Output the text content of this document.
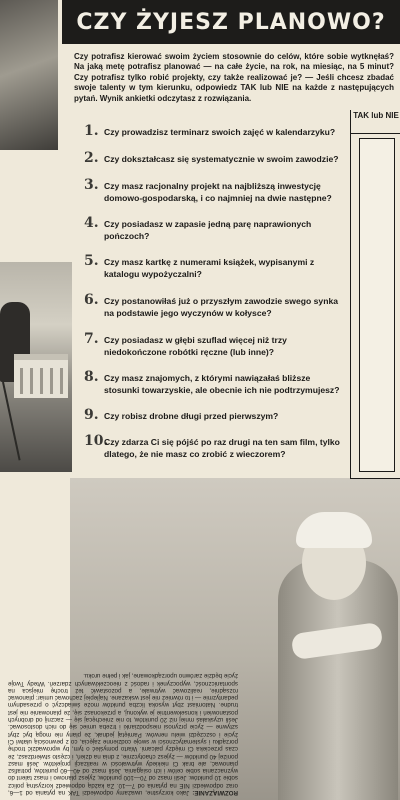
CZY ŻYJESZ PLANOWO?
Czy potrafisz kierować swoim życiem stosownie do celów, które sobie wytknęłaś? Na jaką metę potrafisz planować — na całe życie, na rok, na miesiąc, na 5 minut? Czy potrafisz tylko robić projekty, czy także realizować je? — Jeśli chcesz zbadać swoje talenty w tym kierunku, odpowiedz TAK lub NIE na każde z następujących pytań. Wynik ankietki odczytasz z rozwiązania.
TAK lub NIE
1. Czy prowadzisz terminarz swoich zajęć w kalendarzyku?
2. Czy dokształcasz się systematycznie w swoim zawodzie?
3. Czy masz racjonalny projekt na najbliższą inwestycję domowo-gospodarską, i co najmniej na dwie następne?
4. Czy posiadasz w zapasie jedną parę naprawionych pończoch?
5. Czy masz kartkę z numerami książek, wypisanymi z katalogu wypożyczalni?
6. Czy postanowiłaś już o przyszłym zawodzie swego synka na podstawie jego wyczynów w kołysce?
7. Czy posiadasz w głębi szuflad więcej niż trzy niedokończone robótki ręczne (lub inne)?
8. Czy masz znajomych, z którymi nawiązałaś bliższe stosunki towarzyskie, ale obecnie ich nie podtrzymujesz?
9. Czy robisz drobne długi przed pierwszym?
10.
Czy zdarza Ci się pójść po raz drugi na ten sam film, tylko dlatego, że nie masz co zrobić z wieczorem?
ROZWIĄZANIE: Jako korzystne, uważamy odpowiedzi TAK na pytania od 1—6, oraz odpowiedzi NIE na pytania od 7—10. Za każdą odpowiedź korzystną policz sobie 10 punktów. Jeśli masz od 70—100 punktów, żyjesz planowo i masz talent do wyznaczania sobie celów i ich osiągania. Jeśli masz od 40—60 punktów, potrafisz planować, ale brak Ci niekiedy wytrwałości w realizacji projektów. Jeśli masz poniżej 40 punktów — żyjesz chaotycznie, z dnia na dzień, i często stwierdzasz, że czas przecieka Ci między palcami. Warto pomyśleć o tym, by wprowadzić trochę porządku i systematyczności w swoje codzienne zajęcia, co z pewnością ułatwi Ci życie i oszczędzi wielu nerwów. Pamiętaj jednak, że plany nie mogą być zbyt sztywne — życie przynosi niespodzianki i trzeba umieć się do nich dostosować. Jeśli uzyskałaś mniej niż 20 punktów, to nie zniechęcaj się — zacznij od drobnych postanowień i konsekwentnie je wykonuj, a przekonasz się, że planowanie nie jest trudne. Natomiast zbyt wysoka liczba punktów może świadczyć o przesadnym pedantyzmie — i to również nie jest wskazane. Najlepiej zachować umiar: planować rozsądnie, realizować wytrwale, a pozostawić też trochę miejsca na spontaniczność, wypoczynek i radość z nieoczekiwanych zdarzeń. Wtedy Twoje życie będzie zarówno uporządkowane, jak i pełne uroku.
